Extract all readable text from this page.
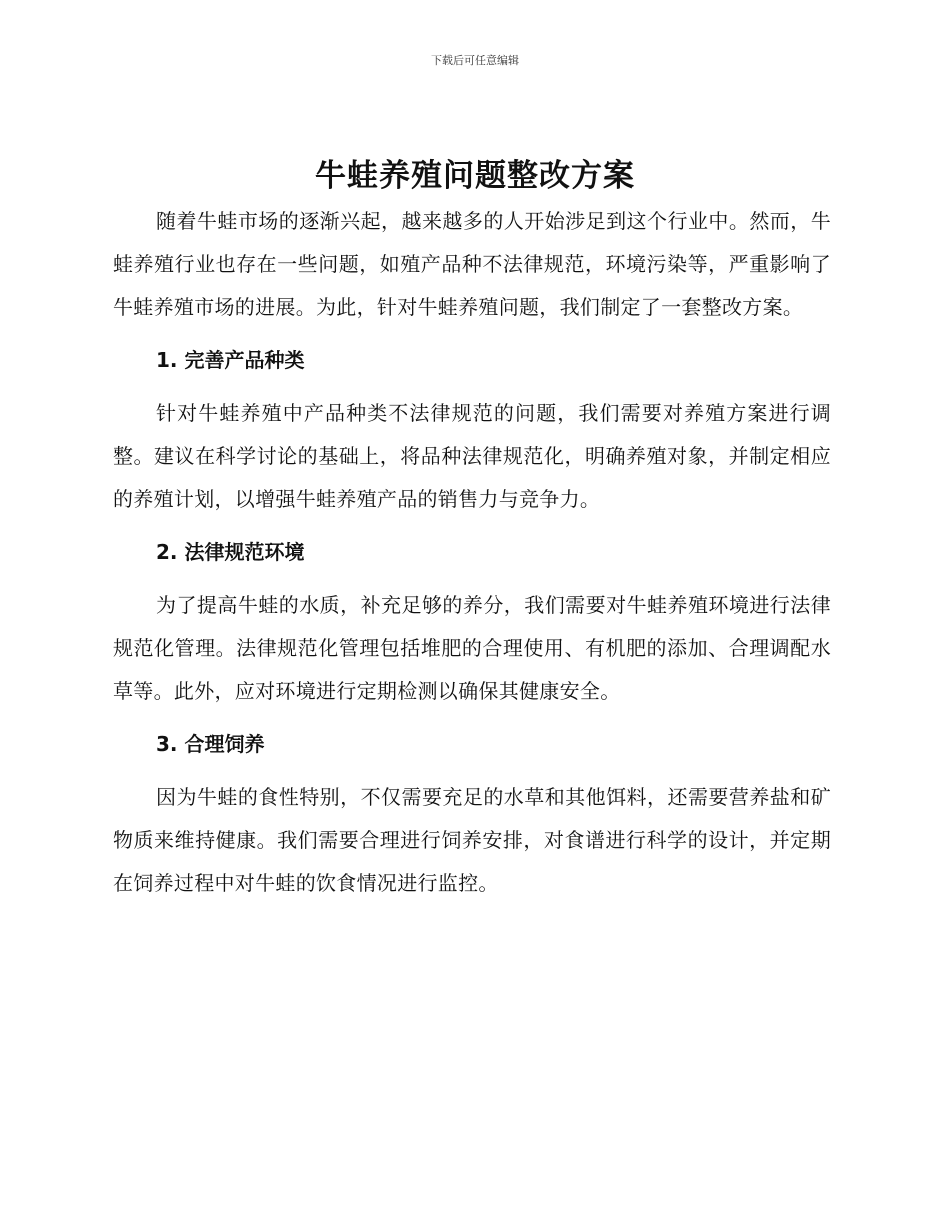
下载后可任意编辑
牛蛙养殖问题整改方案

随着牛蛙市场的逐渐兴起，越来越多的人开始涉足到这个行业中。然而，牛蛙养殖行业也存在一些问题，如殖产品种不法律规范，环境污染等，严重影响了牛蛙养殖市场的进展。为此，针对牛蛙养殖问题，我们制定了一套整改方案。

1. 完善产品种类

针对牛蛙养殖中产品种类不法律规范的问题，我们需要对养殖方案进行调整。建议在科学讨论的基础上，将品种法律规范化，明确养殖对象，并制定相应的养殖计划，以增强牛蛙养殖产品的销售力与竞争力。

2. 法律规范环境

为了提高牛蛙的水质，补充足够的养分，我们需要对牛蛙养殖环境进行法律规范化管理。法律规范化管理包括堆肥的合理使用、有机肥的添加、合理调配水草等。此外，应对环境进行定期检测以确保其健康安全。

3. 合理饲养

因为牛蛙的食性特别，不仅需要充足的水草和其他饵料，还需要营养盐和矿物质来维持健康。我们需要合理进行饲养安排，对食谱进行科学的设计，并定期在饲养过程中对牛蛙的饮食情况进行监控。
